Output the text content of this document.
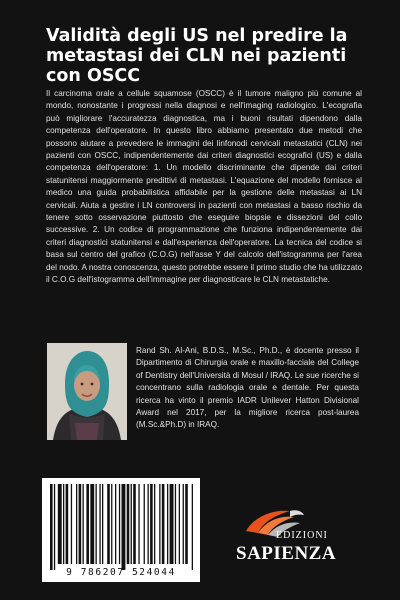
Validità degli US nel predire la metastasi dei CLN nei pazienti con OSCC

Il carcinoma orale a cellule squamose (OSCC) è il tumore maligno più comune al mondo, nonostante i progressi nella diagnosi e nell'imaging radiologico. L'ecografia può migliorare l'accuratezza diagnostica, ma i buoni risultati dipendono dalla competenza dell'operatore. In questo libro abbiamo presentato due metodi che possono aiutare a prevedere le immagini dei linfonodi cervicali metastatici (CLN) nei pazienti con OSCC, indipendentemente dai criteri diagnostici ecografici (US) e dalla competenza dell'operatore: 1. Un modello discriminante che dipende dai criteri statunitensi maggiormente predittivi di metastasi. L'equazione del modello fornisce al medico una guida probabilistica affidabile per la gestione delle metastasi ai LN cervicali. Aiuta a gestire i LN controversi in pazienti con metastasi a basso rischio da tenere sotto osservazione piuttosto che eseguire biopsie e dissezioni del collo successive. 2. Un codice di programmazione che funziona indipendentemente dai criteri diagnostici statunitensi e dall'esperienza dell'operatore. La tecnica del codice si basa sul centro del grafico (C.O.G) nell'asse Y del calcolo dell'istogramma per l'area del nodo. A nostra conoscenza, questo potrebbe essere il primo studio che ha utilizzato il C.O.G dell'istogramma dell'immagine per diagnosticare le CLN metastatiche.

Rand Sh. Al-Ani, B.D.S., M.Sc., Ph.D., è docente presso il Dipartimento di Chirurgia orale e maxillo-facciale del College of Dentistry dell'Università di Mosul / IRAQ. Le sue ricerche si concentrano sulla radiologia orale e dentale. Per questa ricerca ha vinto il premio IADR Unilever Hatton Divisional Award nel 2017, per la migliore ricerca post-laurea (M.Sc.&Ph.D) in IRAQ.

9 786207 524044
EDIZIONI
SAPIENZA
